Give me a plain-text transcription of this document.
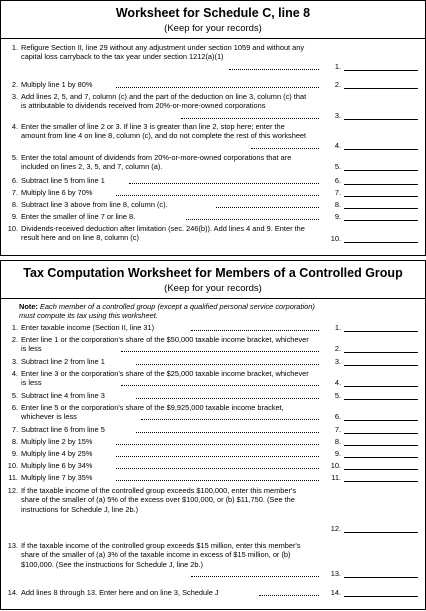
Worksheet for Schedule C, line 8
(Keep for your records)
1. Refigure Section II, line 29 without any adjustment under section 1059 and without any capital loss carryback to the tax year under section 1212(a)(1)
1.
2. Multiply line 1 by 80%	2.
3. Add lines 2, 5, and 7, column (c) and the part of the deduction on line 3, column (c) that is attributable to dividends received from 20%-or-more-owned corporations
3.
4. Enter the smaller of line 2 or 3. If line 3 is greater than line 2, stop here; enter the amount from line 4 on line 8, column (c), and do not complete the rest of this worksheet
4.
5. Enter the total amount of dividends from 20%-or-more-owned corporations that are included on lines 2, 3, 5, and 7, column (a).	5.
6. Subtract line 5 from line 1	6.
7. Multiply line 6 by 70%	7.
8. Subtract line 3 above from line 8, column (c).	8.
9. Enter the smaller of line 7 or line 8.	9.
10. Dividends-received deduction after limitation (sec. 246(b)). Add lines 4 and 9. Enter the result here and on line 8, column (c)	10.
Tax Computation Worksheet for Members of a Controlled Group
(Keep for your records)
Note: Each member of a controlled group (except a qualified personal service corporation) must compute its tax using this worksheet.
1. Enter taxable income (Section II, line 31)	1.
2. Enter line 1 or the corporation's share of the $50,000 taxable income bracket, whichever is less	2.
3. Subtract line 2 from line 1	3.
4. Enter line 3 or the corporation's share of the $25,000 taxable income bracket, whichever is less	4.
5. Subtract line 4 from line 3	5.
6. Enter line 5 or the corporation's share of the $9,925,000 taxable income bracket, whichever is less	6.
7. Subtract line 6 from line 5	7.
8. Multiply line 2 by 15%	8.
9. Multiply line 4 by 25%	9.
10. Multiply line 6 by 34%	10.
11. Multiply line 7 by 35%	11.
12. If the taxable income of the controlled group exceeds $100,000, enter this member's share of the smaller of (a) 5% of the excess over $100,000, or (b) $11,750. (See the instructions for Schedule J, line 2b.)
12.
13. If the taxable income of the controlled group exceeds $15 million, enter this member's share of the smaller of (a) 3% of the taxable income in excess of $15 million, or (b) $100,000. (See the instructions for Schedule J, line 2b.)
13.
14. Add lines 8 through 13. Enter here and on line 3, Schedule J	14.
